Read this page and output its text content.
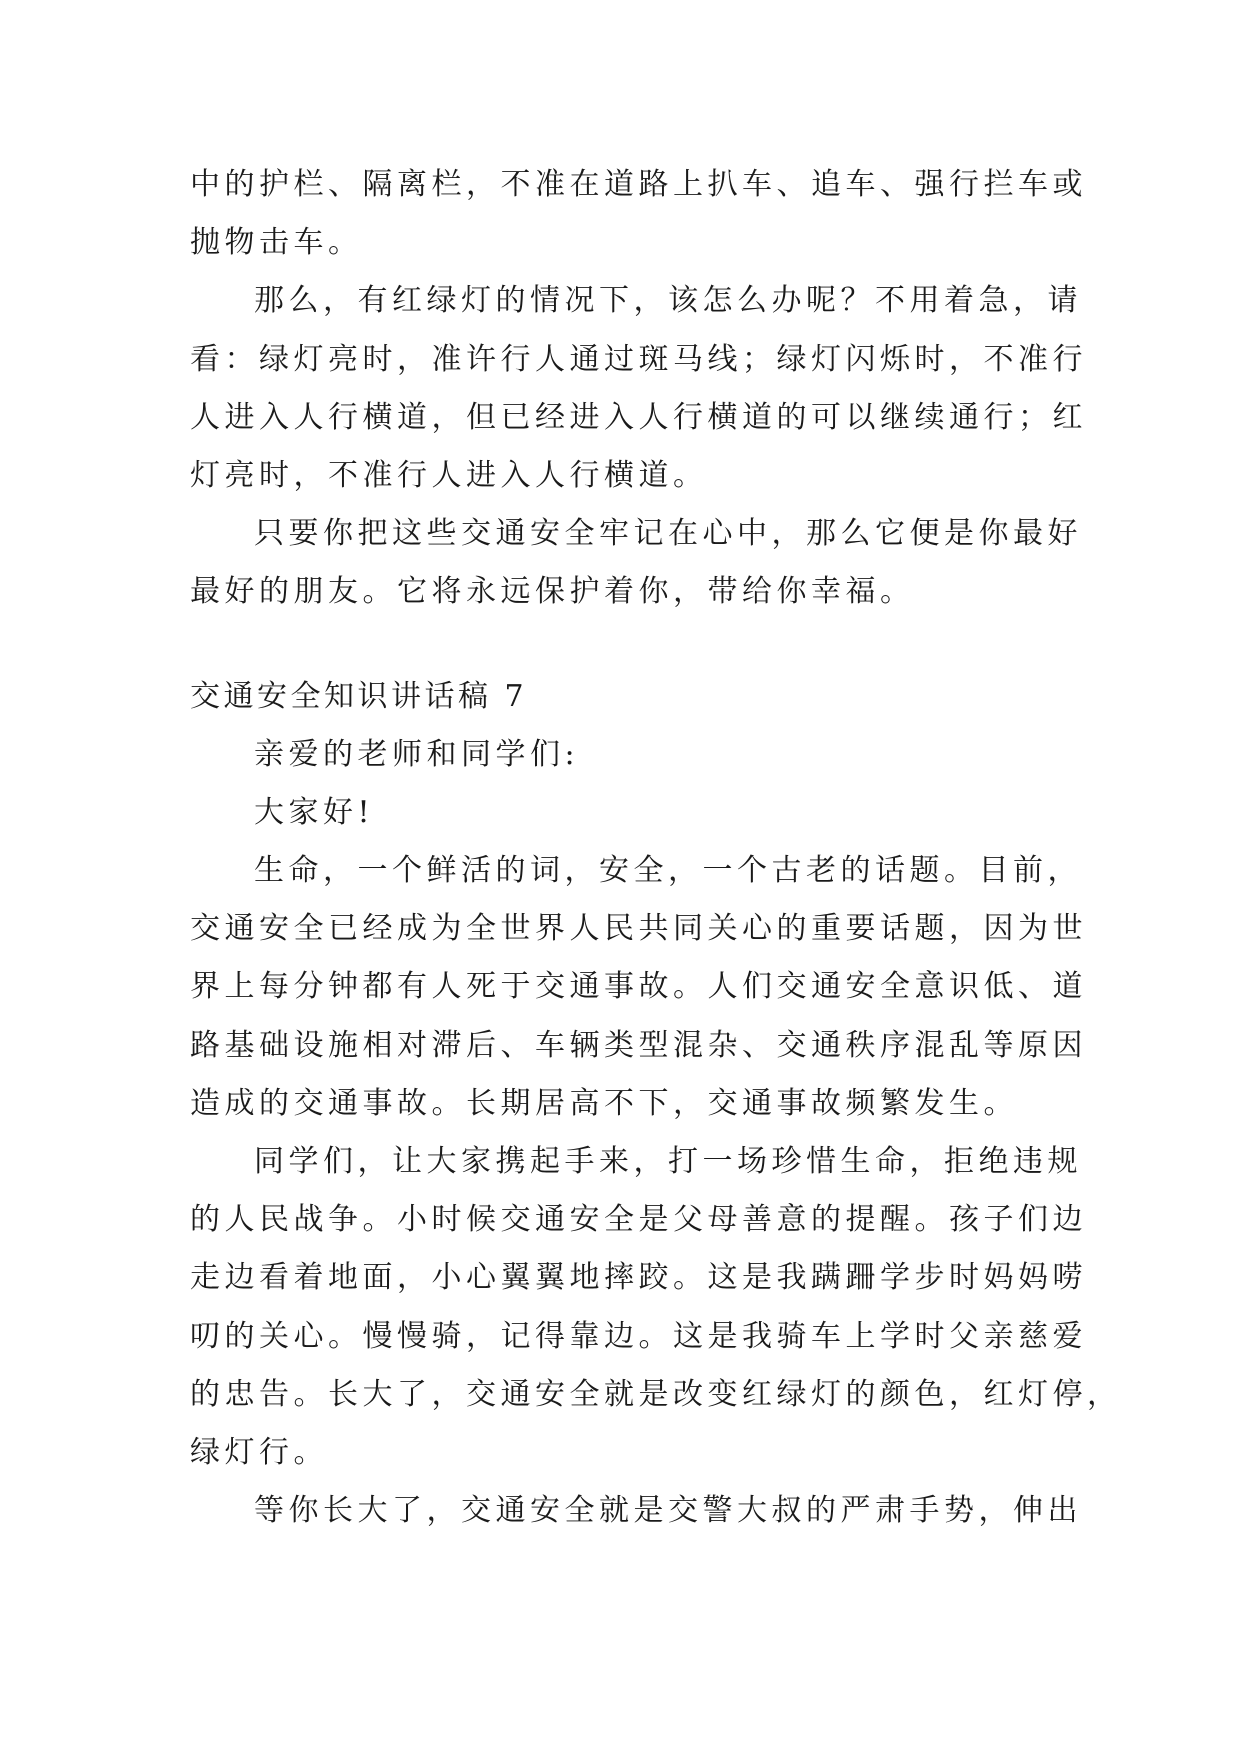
中的护栏、隔离栏，不准在道路上扒车、追车、强行拦车或
抛物击车。
那么，有红绿灯的情况下，该怎么办呢？不用着急，请
看：绿灯亮时，准许行人通过斑马线；绿灯闪烁时，不准行
人进入人行横道，但已经进入人行横道的可以继续通行；红
灯亮时，不准行人进入人行横道。
只要你把这些交通安全牢记在心中，那么它便是你最好
最好的朋友。它将永远保护着你，带给你幸福。
交通安全知识讲话稿 7
亲爱的老师和同学们:
大家好!
生命，一个鲜活的词，安全，一个古老的话题。目前，
交通安全已经成为全世界人民共同关心的重要话题，因为世
界上每分钟都有人死于交通事故。人们交通安全意识低、道
路基础设施相对滞后、车辆类型混杂、交通秩序混乱等原因
造成的交通事故。长期居高不下，交通事故频繁发生。
同学们，让大家携起手来，打一场珍惜生命，拒绝违规
的人民战争。小时候交通安全是父母善意的提醒。孩子们边
走边看着地面，小心翼翼地摔跤。这是我蹒跚学步时妈妈唠
叨的关心。慢慢骑，记得靠边。这是我骑车上学时父亲慈爱
的忠告。长大了，交通安全就是改变红绿灯的颜色，红灯停，
绿灯行。
等你长大了，交通安全就是交警大叔的严肃手势，伸出
